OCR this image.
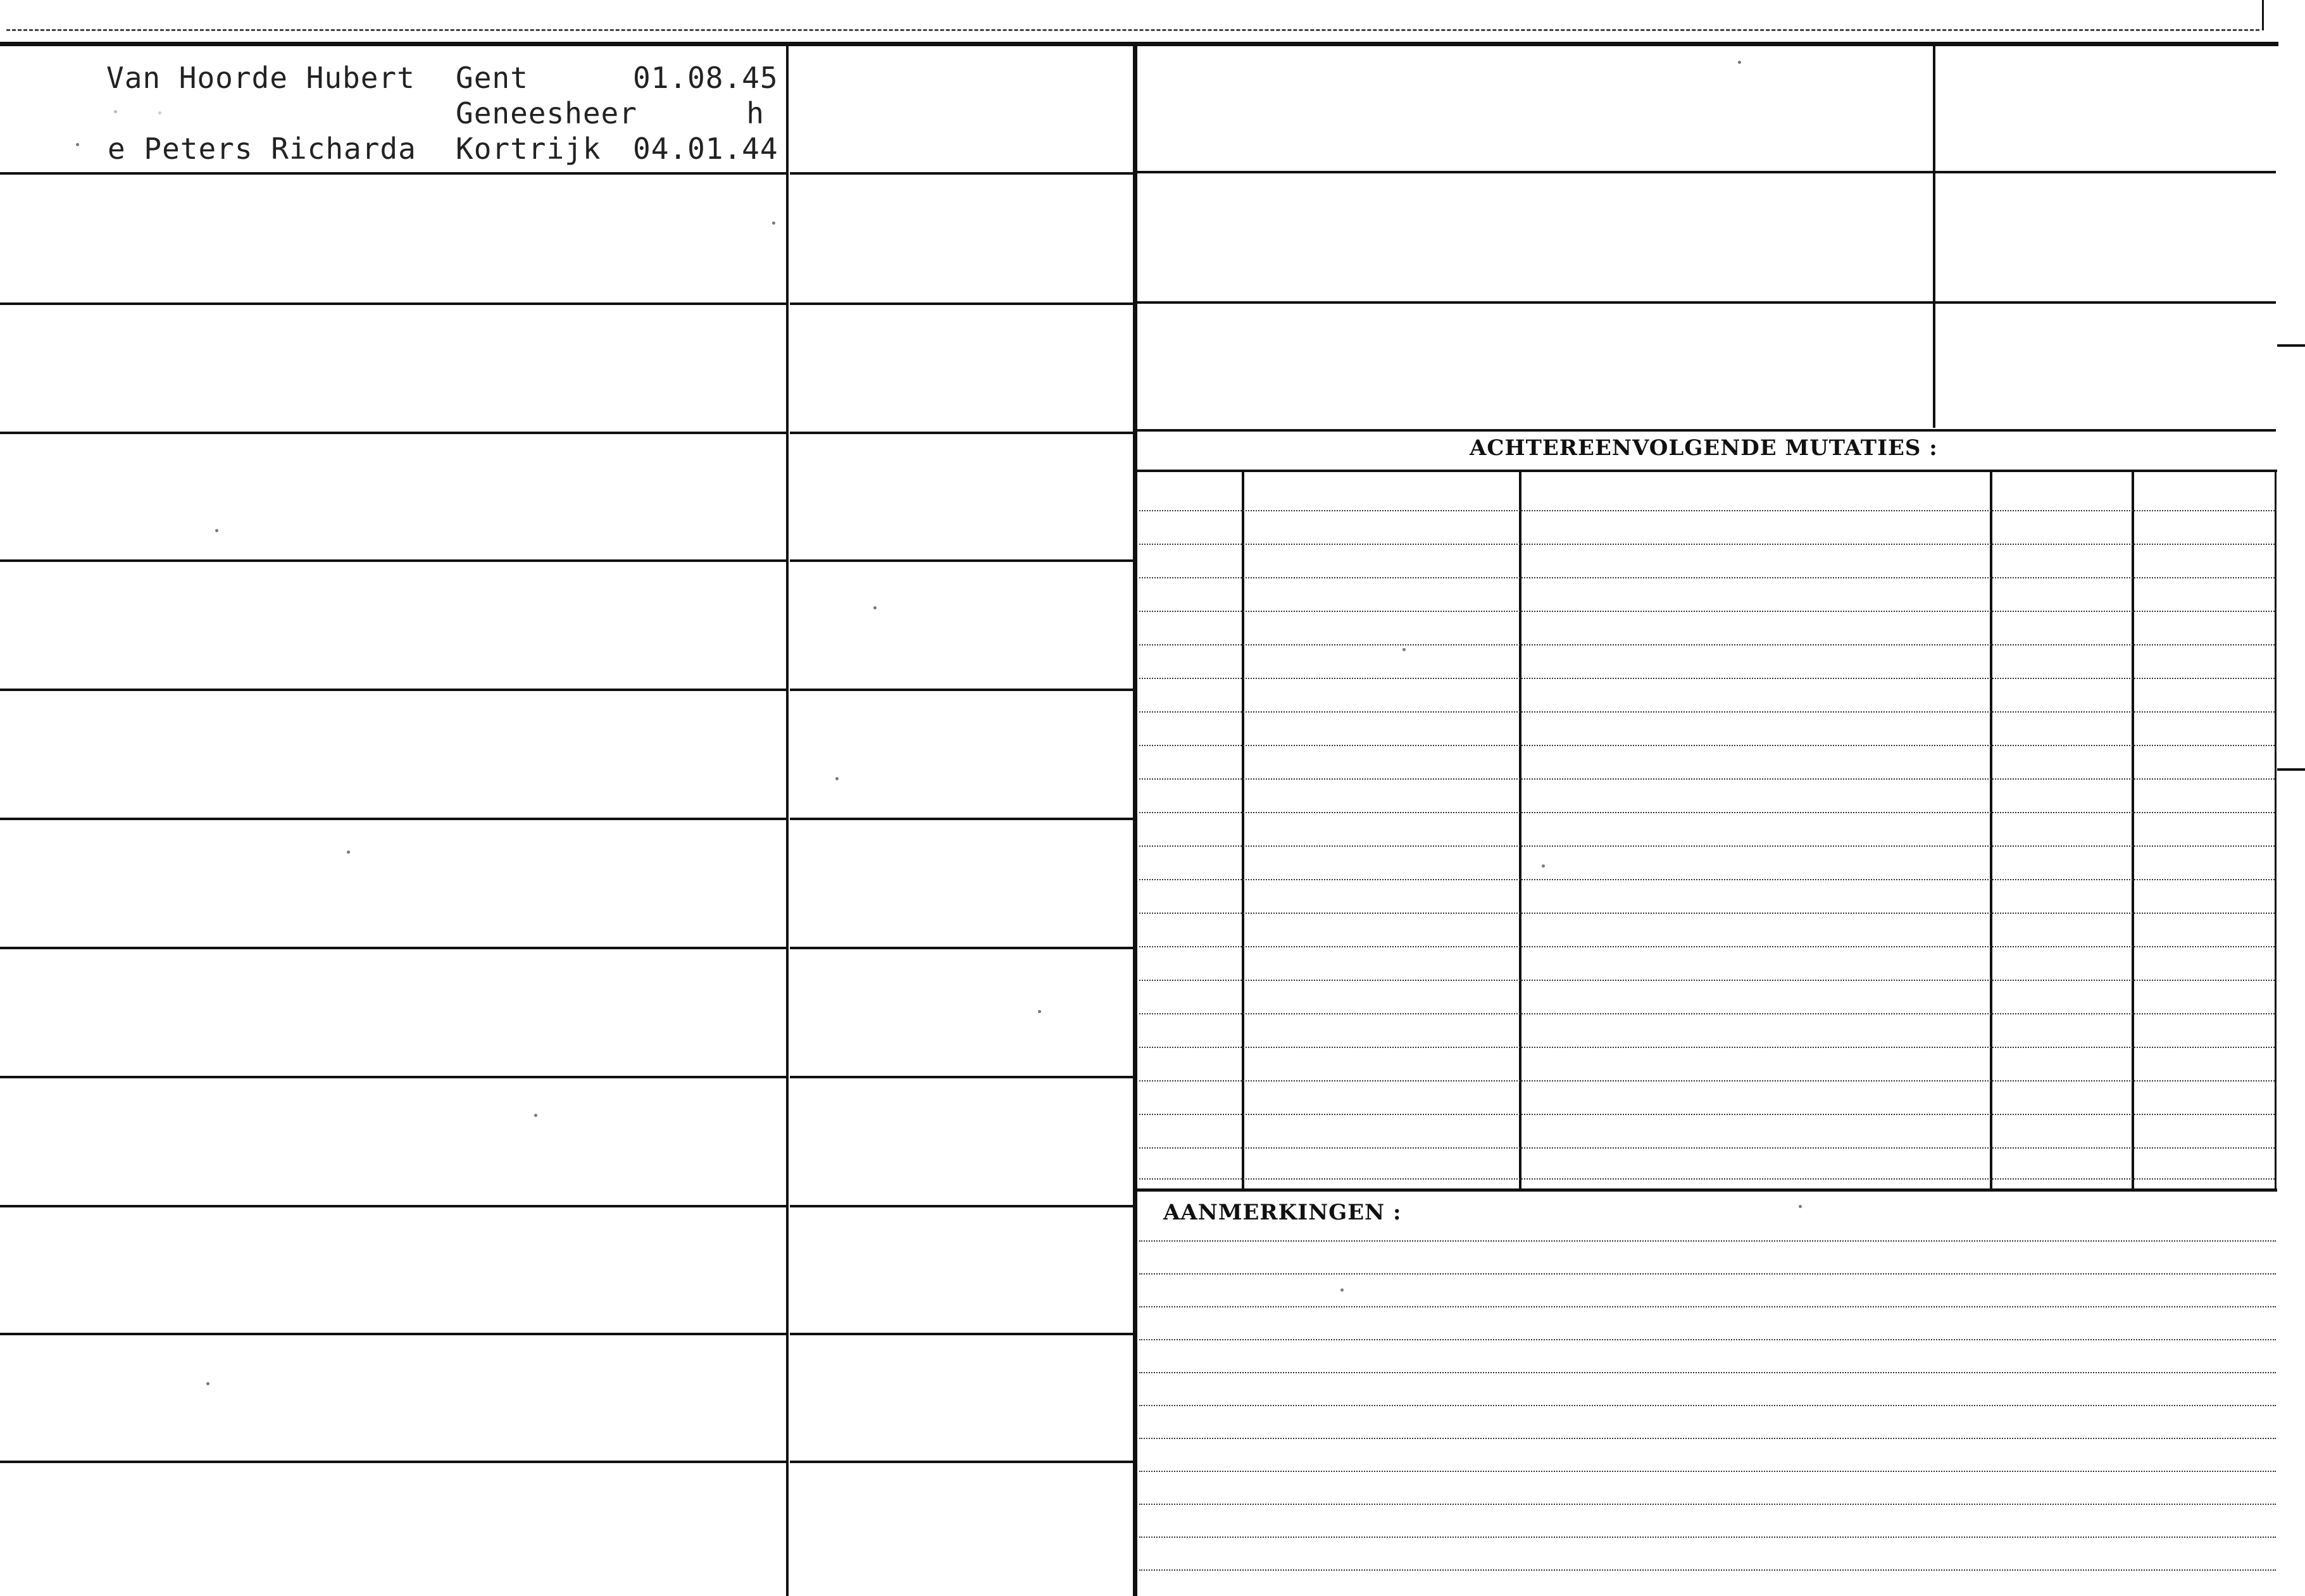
Van Hoorde Hubert Gent	01.08.45
Geneesheer	h
e Peters Richarda Kortrijk 04.01.44
ACHTEREENVOLGENDE MUTATIES :
AANMERKINGEN :
